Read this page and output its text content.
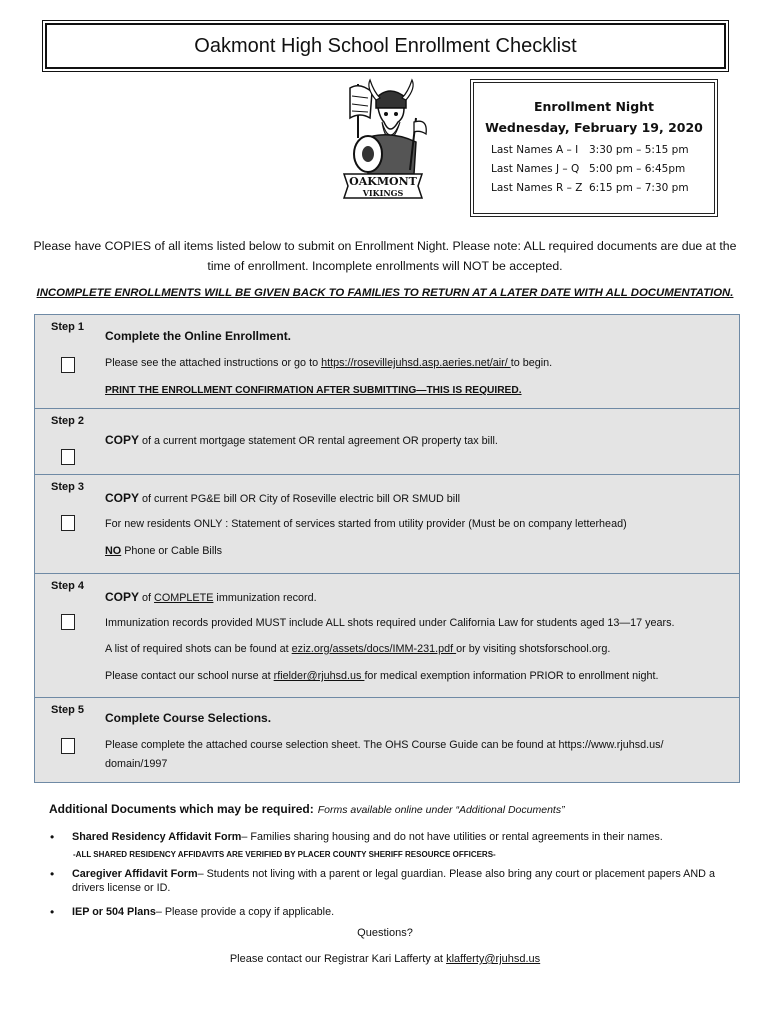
Oakmont High School Enrollment Checklist
OAKMONT
VIKINGS
Enrollment Night
Wednesday, February 19, 2020
Last Names A – I	3:30 pm – 5:15 pm
Last Names J – Q 5:00 pm – 6:45pm
Last Names R – Z 6:15 pm – 7:30 pm
Please have COPIES of all items listed below to submit on Enrollment Night. Please note: ALL required documents are due at the
time of enrollment. Incomplete enrollments will NOT be accepted.
INCOMPLETE ENROLLMENTS WILL BE GIVEN BACK TO FAMILIES TO RETURN AT A LATER DATE WITH ALL DOCUMENTATION.
Step 1
Complete the Online Enrollment.
Please see the attached instructions or go to https://rosevillejuhsd.asp.aeries.net/air/ to begin.
PRINT THE ENROLLMENT CONFIRMATION AFTER SUBMITTING—THIS IS REQUIRED.
Step 2
COPY of a current mortgage statement OR rental agreement OR property tax bill.
Step 3
COPY of current PG&E bill OR City of Roseville electric bill OR SMUD bill
For new residents ONLY : Statement of services started from utility provider (Must be on company letterhead)
NO Phone or Cable Bills
Step 4
COPY of COMPLETE immunization record.
Immunization records provided MUST include ALL shots required under California Law for students aged 13—17 years.
A list of required shots can be found at eziz.org/assets/docs/IMM-231.pdf or by visiting shotsforschool.org.
Please contact our school nurse at rfielder@rjuhsd.us for medical exemption information PRIOR to enrollment night.
Step 5
Complete Course Selections.
Please complete the attached course selection sheet. The OHS Course Guide can be found at https://www.rjuhsd.us/
domain/1997
Additional Documents which may be required: Forms available online under “Additional Documents”
• Shared Residency Affidavit Form– Families sharing housing and do not have utilities or rental agreements in their names.
-ALL SHARED RESIDENCY AFFIDAVITS ARE VERIFIED BY PLACER COUNTY SHERIFF RESOURCE OFFICERS-
• Caregiver Affidavit Form– Students not living with a parent or legal guardian. Please also bring any court or placement papers AND a drivers license or ID.
• IEP or 504 Plans– Please provide a copy if applicable.
Questions?
Please contact our Registrar Kari Lafferty at klafferty@rjuhsd.us
